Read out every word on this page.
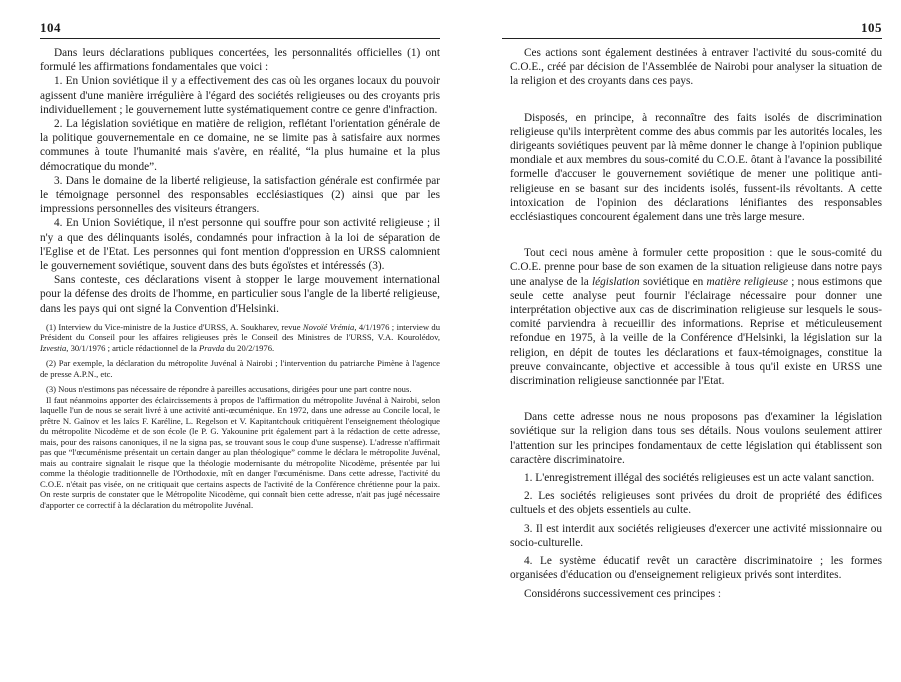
104

Dans leurs déclarations publiques concertées, les personnalités officielles (1) ont formulé les affirmations fondamentales que voici :

1. En Union soviétique il y a effectivement des cas où les organes locaux du pouvoir agissent d'une manière irrégulière à l'égard des sociétés religieuses ou des croyants pris individuellement ; le gouvernement lutte systématiquement contre ce genre d'infraction.

2. La législation soviétique en matière de religion, reflétant l'orientation générale de la politique gouvernementale en ce domaine, ne se limite pas à satisfaire aux normes communes à toute l'humanité mais s'avère, en réalité, “la plus humaine et la plus démocratique du monde”.

3. Dans le domaine de la liberté religieuse, la satisfaction générale est confirmée par le témoignage personnel des responsables ecclésiastiques (2) ainsi que par les impressions personnelles des visiteurs étrangers.

4. En Union Soviétique, il n'est personne qui souffre pour son activité religieuse ; il n'y a que des délinquants isolés, condamnés pour infraction à la loi de séparation de l'Eglise et de l'Etat. Les personnes qui font mention d'oppression en URSS calomnient le gouvernement soviétique, souvent dans des buts égoïstes et intéressés (3).

Sans conteste, ces déclarations visent à stopper le large mouvement international pour la défense des droits de l'homme, en particulier sous l'angle de la liberté religieuse, dans les pays qui ont signé la Convention d'Helsinki.

(1) Interview du Vice-ministre de la Justice d'URSS, A. Soukharev, revue Novoïé Vrémia, 4/1/1976 ; interview du Président du Conseil pour les affaires religieuses près le Conseil des Ministres de l'URSS, V.A. Kourolédov, Izvestia, 30/1/1976 ; article rédactionnel de la Pravda du 20/2/1976.

(2) Par exemple, la déclaration du métropolite Juvénal à Nairobi ; l'intervention du patriarche Pimène à l'agence de presse A.P.N., etc.

(3) Nous n'estimons pas nécessaire de répondre à pareilles accusations, dirigées pour une part contre nous.

Il faut néanmoins apporter des éclaircissements à propos de l'affirmation du métropolite Juvénal à Nairobi, selon laquelle l'un de nous se serait livré à une activité anti-œcuménique. En 1972, dans une adresse au Concile local, le prêtre N. Gaïnov et les laïcs F. Karéline, L. Regelson et V. Kapitantchouk critiquèrent l'enseignement théologique du métropolite Nicodème et de son école (le P. G. Yakounine prit également part à la rédaction de cette adresse, mais, pour des raisons canoniques, il ne la signa pas, se trouvant sous le coup d'une suspense). L'adresse n'affirmait pas que “l'œcuménisme présentait un certain danger au plan théologique” comme le déclara le métropolite Juvénal, mais au contraire signalait le risque que la théologie modernisante du métropolite Nicodème, présentée par lui comme la théologie traditionnelle de l'Orthodoxie, mît en danger l'œcuménisme. Dans cette adresse, l'activité du C.O.E. n'était pas visée, on ne critiquait que certains aspects de l'activité de la Conférence chrétienne pour la paix. On reste surpris de constater que le Métropolite Nicodème, qui connaît bien cette adresse, n'ait pas jugé nécessaire d'apporter ce correctif à la déclaration du métropolite Juvénal.

105

Ces actions sont également destinées à entraver l'activité du sous-comité du C.O.E., créé par décision de l'Assemblée de Nairobi pour analyser la situation de la religion et des croyants dans ces pays.

Disposés, en principe, à reconnaître des faits isolés de discrimination religieuse qu'ils interprètent comme des abus commis par les autorités locales, les dirigeants soviétiques peuvent par là même donner le change à l'opinion publique mondiale et aux membres du sous-comité du C.O.E. ôtant à l'avance la possibilité formelle d'accuser le gouvernement soviétique de mener une politique anti-religieuse en se basant sur des incidents isolés, fussent-ils révoltants. A cette intoxication de l'opinion des déclarations lénifiantes des responsables ecclésiastiques concourent également dans une très large mesure.

Tout ceci nous amène à formuler cette proposition : que le sous-comité du C.O.E. prenne pour base de son examen de la situation religieuse dans notre pays une analyse de la législation soviétique en matière religieuse ; nous estimons que seule cette analyse peut fournir l'éclairage nécessaire pour donner une interprétation objective aux cas de discrimination religieuse sur lesquels le sous-comité parviendra à recueillir des informations. Reprise et méticuleusement refondue en 1975, à la veille de la Conférence d'Helsinki, la législation sur la religion, en dépit de toutes les déclarations et faux-témoignages, constitue la preuve convaincante, objective et accessible à tous qu'il existe en URSS une discrimination religieuse sanctionnée par l'Etat.

Dans cette adresse nous ne nous proposons pas d'examiner la législation soviétique sur la religion dans tous ses détails. Nous voulons seulement attirer l'attention sur les principes fondamentaux de cette législation qui établissent son caractère discriminatoire.

1. L'enregistrement illégal des sociétés religieuses est un acte valant sanction.

2. Les sociétés religieuses sont privées du droit de propriété des édifices cultuels et des objets essentiels au culte.

3. Il est interdit aux sociétés religieuses d'exercer une activité missionnaire ou socio-culturelle.

4. Le système éducatif revêt un caractère discriminatoire ; les formes organisées d'éducation ou d'enseignement religieux privés sont interdites.

Considérons successivement ces principes :
